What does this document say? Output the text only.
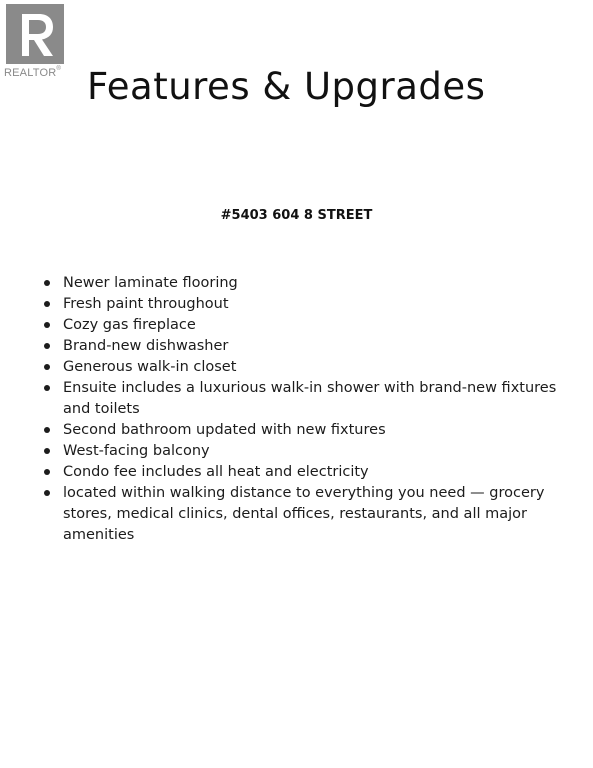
REALTOR® Features & Upgrades
#5403 604 8 STREET
Newer laminate flooring
Fresh paint throughout
Cozy gas fireplace
Brand-new dishwasher
Generous walk-in closet
Ensuite includes a luxurious walk-in shower with brand-new fixtures and toilets
Second bathroom updated with new fixtures
West-facing balcony
Condo fee includes all heat and electricity
located within walking distance to everything you need — grocery stores, medical clinics, dental offices, restaurants, and all major amenities
